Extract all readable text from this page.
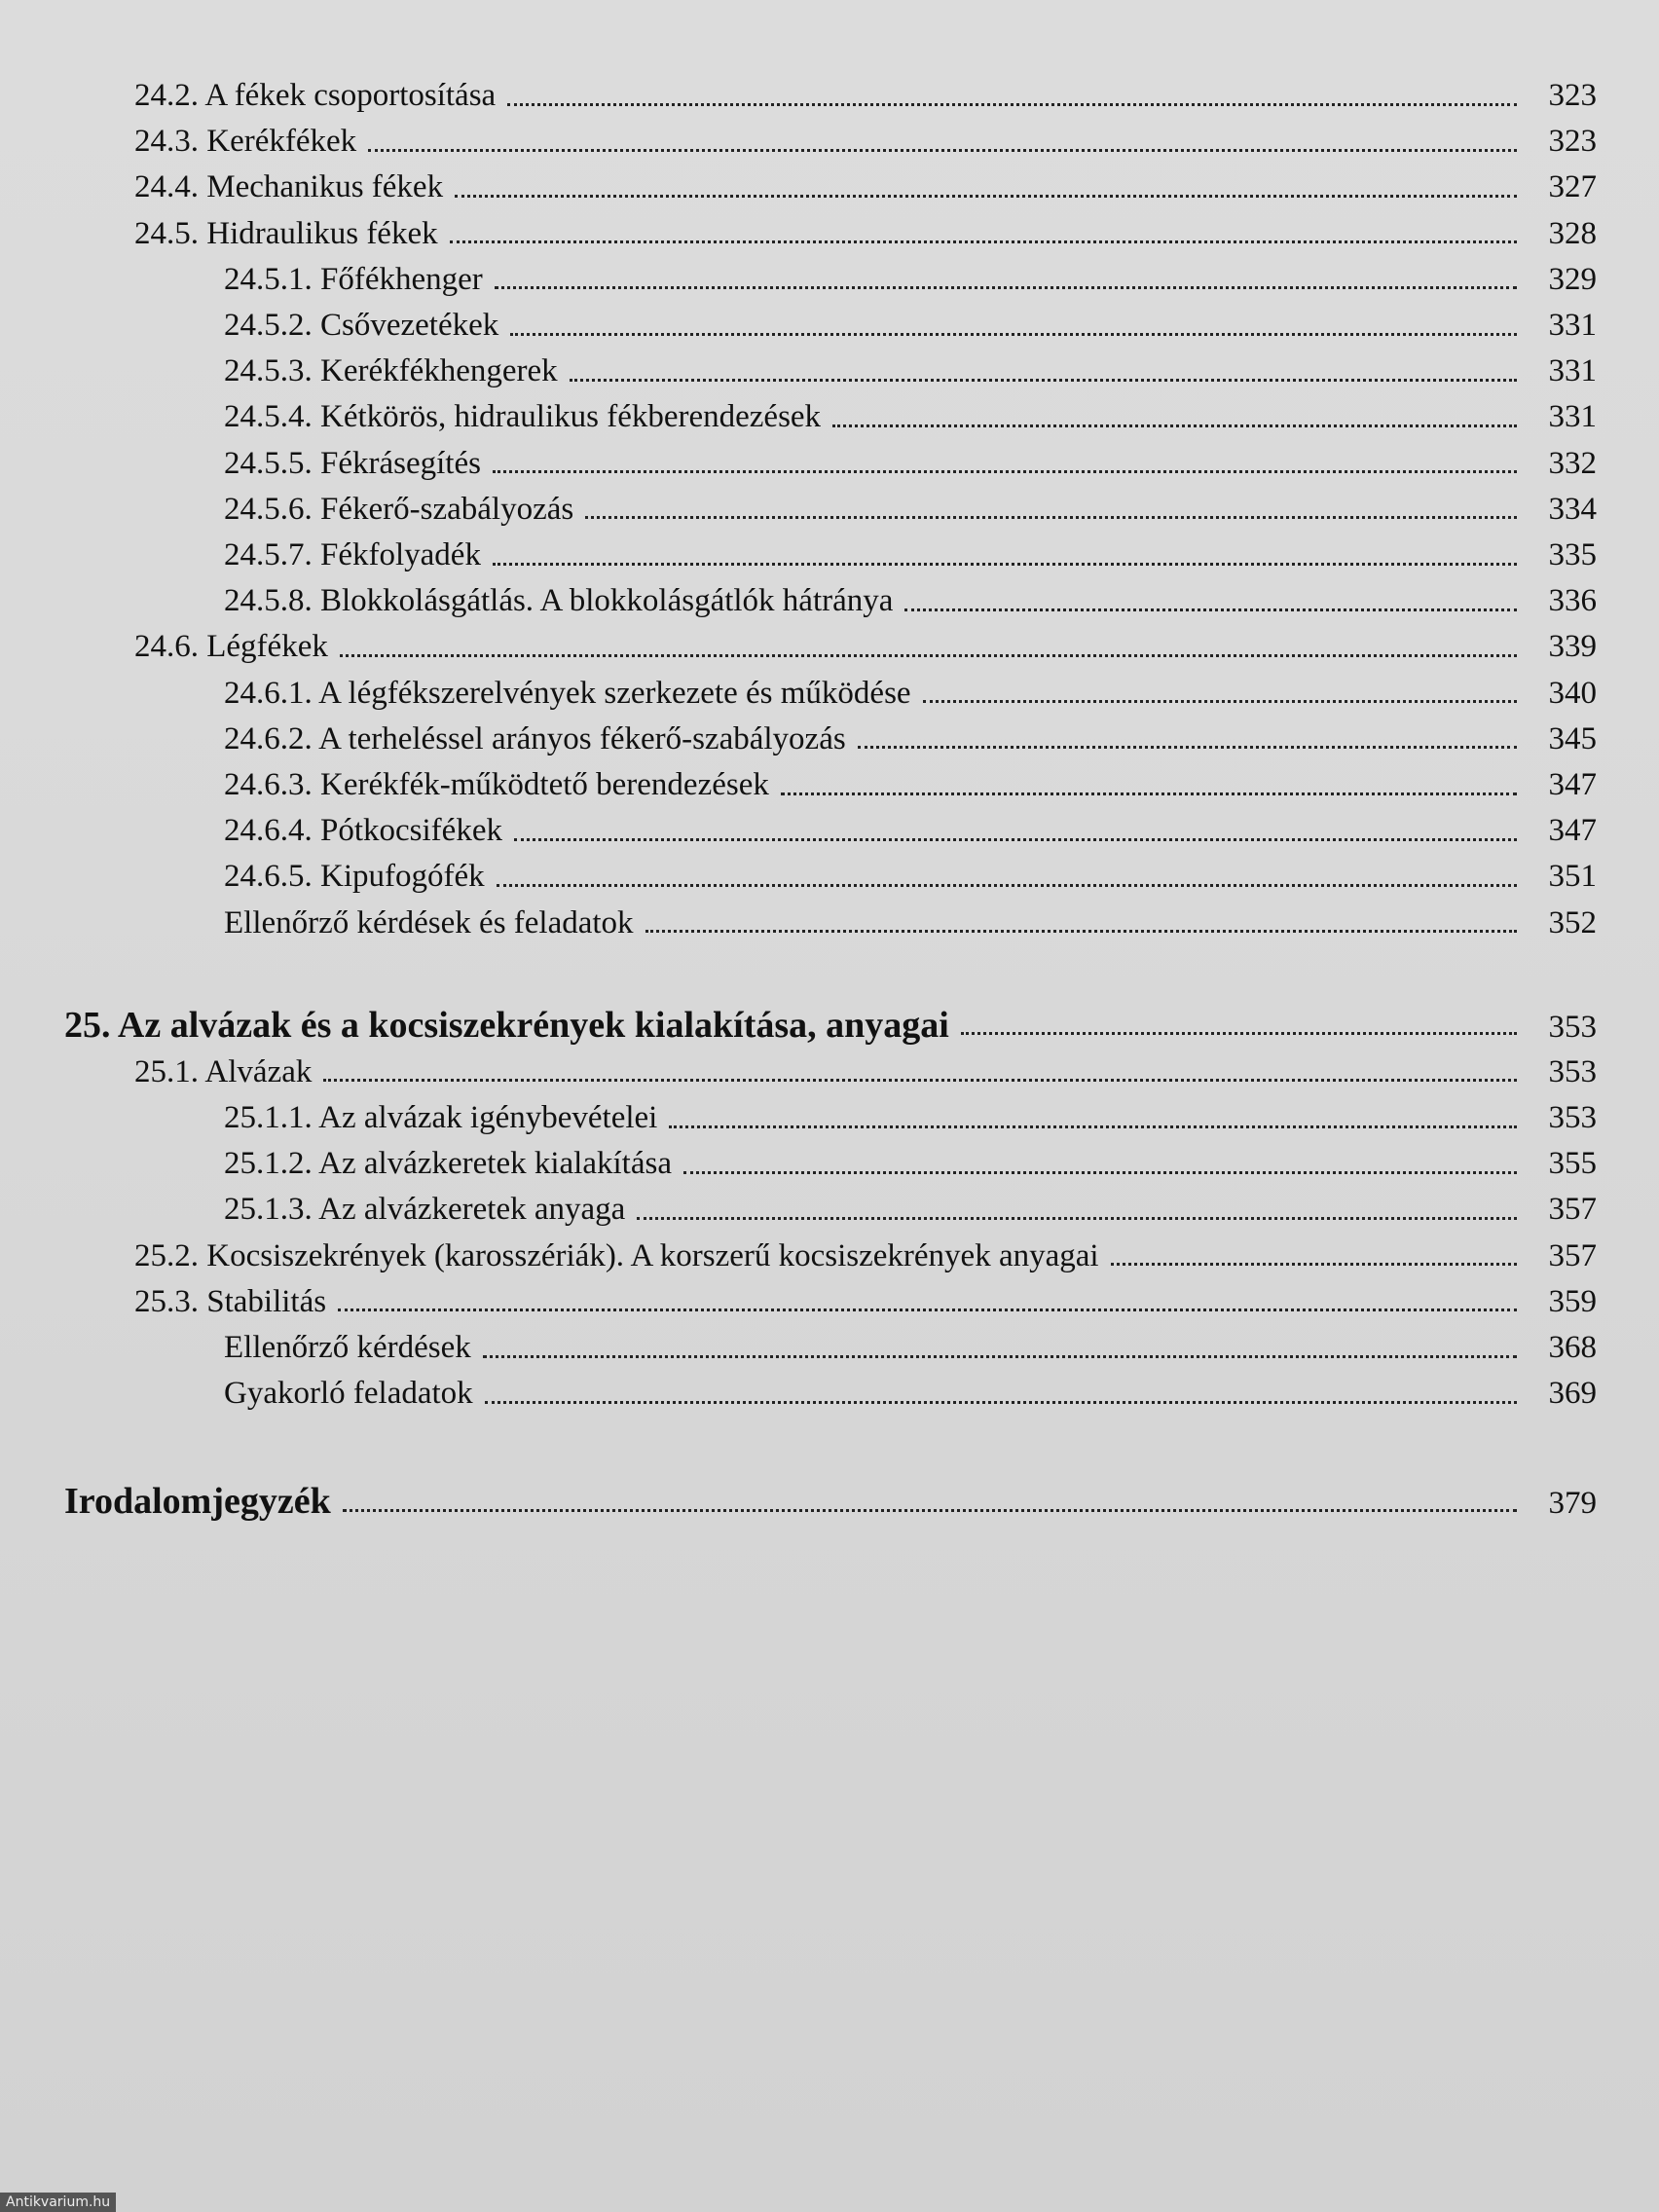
24.2. A fékek csoportosítása	323
24.3. Kerékfékek	323
24.4. Mechanikus fékek	327
24.5. Hidraulikus fékek	328
24.5.1. Főfékhenger	329
24.5.2. Csővezetékek	331
24.5.3. Kerékfékhengerek	331
24.5.4. Kétkörös, hidraulikus fékberendezések	331
24.5.5. Fékrásegítés	332
24.5.6. Fékerő-szabályozás	334
24.5.7. Fékfolyadék	335
24.5.8. Blokkolásgátlás. A blokkolásgátlók hátránya	336
24.6. Légfékek	339
24.6.1. A légfékszerelvények szerkezete és működése	340
24.6.2. A terheléssel arányos fékerő-szabályozás	345
24.6.3. Kerékfék-működtető berendezések	347
24.6.4. Pótkocsifékek	347
24.6.5. Kipufogófék	351
Ellenőrző kérdések és feladatok	352
25. Az alvázak és a kocsiszekrények kialakítása, anyagai	353
25.1. Alvázak	353
25.1.1. Az alvázak igénybevételei	353
25.1.2. Az alvázkeretek kialakítása	355
25.1.3. Az alvázkeretek anyaga	357
25.2. Kocsiszekrények (karosszériák). A korszerű kocsiszekrények anyagai	357
25.3. Stabilitás	359
Ellenőrző kérdések	368
Gyakorló feladatok	369
Irodalomjegyzék	379
Antikvarium.hu
